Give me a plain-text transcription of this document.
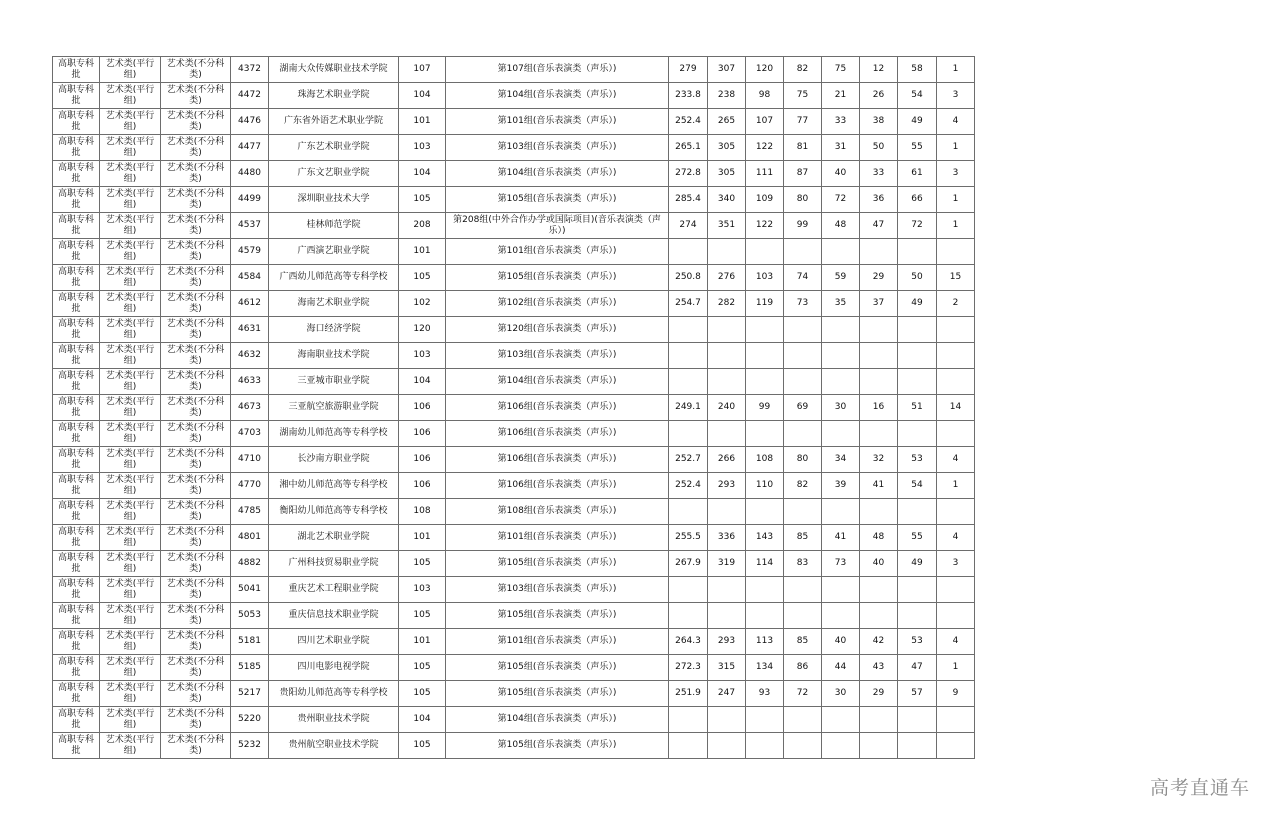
高职专科批	艺术类(平行组)	艺术类(不分科类)	4372	湖南大众传媒职业技术学院	107	第107组(音乐表演类（声乐）)	279	307	120	82	75	12	58	1
高职专科批	艺术类(平行组)	艺术类(不分科类)	4472	珠海艺术职业学院	104	第104组(音乐表演类（声乐）)	233.8	238	98	75	21	26	54	3
高职专科批	艺术类(平行组)	艺术类(不分科类)	4476	广东省外语艺术职业学院	101	第101组(音乐表演类（声乐）)	252.4	265	107	77	33	38	49	4
高职专科批	艺术类(平行组)	艺术类(不分科类)	4477	广东艺术职业学院	103	第103组(音乐表演类（声乐）)	265.1	305	122	81	31	50	55	1
高职专科批	艺术类(平行组)	艺术类(不分科类)	4480	广东文艺职业学院	104	第104组(音乐表演类（声乐）)	272.8	305	111	87	40	33	61	3
高职专科批	艺术类(平行组)	艺术类(不分科类)	4499	深圳职业技术大学	105	第105组(音乐表演类（声乐）)	285.4	340	109	80	72	36	66	1
高职专科批	艺术类(平行组)	艺术类(不分科类)	4537	桂林师范学院	208	第208组(中外合作办学或国际项目)(音乐表演类（声乐）)	274	351	122	99	48	47	72	1
高职专科批	艺术类(平行组)	艺术类(不分科类)	4579	广西演艺职业学院	101	第101组(音乐表演类（声乐）)								
高职专科批	艺术类(平行组)	艺术类(不分科类)	4584	广西幼儿师范高等专科学校	105	第105组(音乐表演类（声乐）)	250.8	276	103	74	59	29	50	15
高职专科批	艺术类(平行组)	艺术类(不分科类)	4612	海南艺术职业学院	102	第102组(音乐表演类（声乐）)	254.7	282	119	73	35	37	49	2
高职专科批	艺术类(平行组)	艺术类(不分科类)	4631	海口经济学院	120	第120组(音乐表演类（声乐）)								
高职专科批	艺术类(平行组)	艺术类(不分科类)	4632	海南职业技术学院	103	第103组(音乐表演类（声乐）)								
高职专科批	艺术类(平行组)	艺术类(不分科类)	4633	三亚城市职业学院	104	第104组(音乐表演类（声乐）)								
高职专科批	艺术类(平行组)	艺术类(不分科类)	4673	三亚航空旅游职业学院	106	第106组(音乐表演类（声乐）)	249.1	240	99	69	30	16	51	14
高职专科批	艺术类(平行组)	艺术类(不分科类)	4703	湖南幼儿师范高等专科学校	106	第106组(音乐表演类（声乐）)								
高职专科批	艺术类(平行组)	艺术类(不分科类)	4710	长沙南方职业学院	106	第106组(音乐表演类（声乐）)	252.7	266	108	80	34	32	53	4
高职专科批	艺术类(平行组)	艺术类(不分科类)	4770	湘中幼儿师范高等专科学校	106	第106组(音乐表演类（声乐）)	252.4	293	110	82	39	41	54	1
高职专科批	艺术类(平行组)	艺术类(不分科类)	4785	衡阳幼儿师范高等专科学校	108	第108组(音乐表演类（声乐）)								
高职专科批	艺术类(平行组)	艺术类(不分科类)	4801	湖北艺术职业学院	101	第101组(音乐表演类（声乐）)	255.5	336	143	85	41	48	55	4
高职专科批	艺术类(平行组)	艺术类(不分科类)	4882	广州科技贸易职业学院	105	第105组(音乐表演类（声乐）)	267.9	319	114	83	73	40	49	3
高职专科批	艺术类(平行组)	艺术类(不分科类)	5041	重庆艺术工程职业学院	103	第103组(音乐表演类（声乐）)								
高职专科批	艺术类(平行组)	艺术类(不分科类)	5053	重庆信息技术职业学院	105	第105组(音乐表演类（声乐）)								
高职专科批	艺术类(平行组)	艺术类(不分科类)	5181	四川艺术职业学院	101	第101组(音乐表演类（声乐）)	264.3	293	113	85	40	42	53	4
高职专科批	艺术类(平行组)	艺术类(不分科类)	5185	四川电影电视学院	105	第105组(音乐表演类（声乐）)	272.3	315	134	86	44	43	47	1
高职专科批	艺术类(平行组)	艺术类(不分科类)	5217	贵阳幼儿师范高等专科学校	105	第105组(音乐表演类（声乐）)	251.9	247	93	72	30	29	57	9
高职专科批	艺术类(平行组)	艺术类(不分科类)	5220	贵州职业技术学院	104	第104组(音乐表演类（声乐）)								
高职专科批	艺术类(平行组)	艺术类(不分科类)	5232	贵州航空职业技术学院	105	第105组(音乐表演类（声乐）)								
高考直通车
